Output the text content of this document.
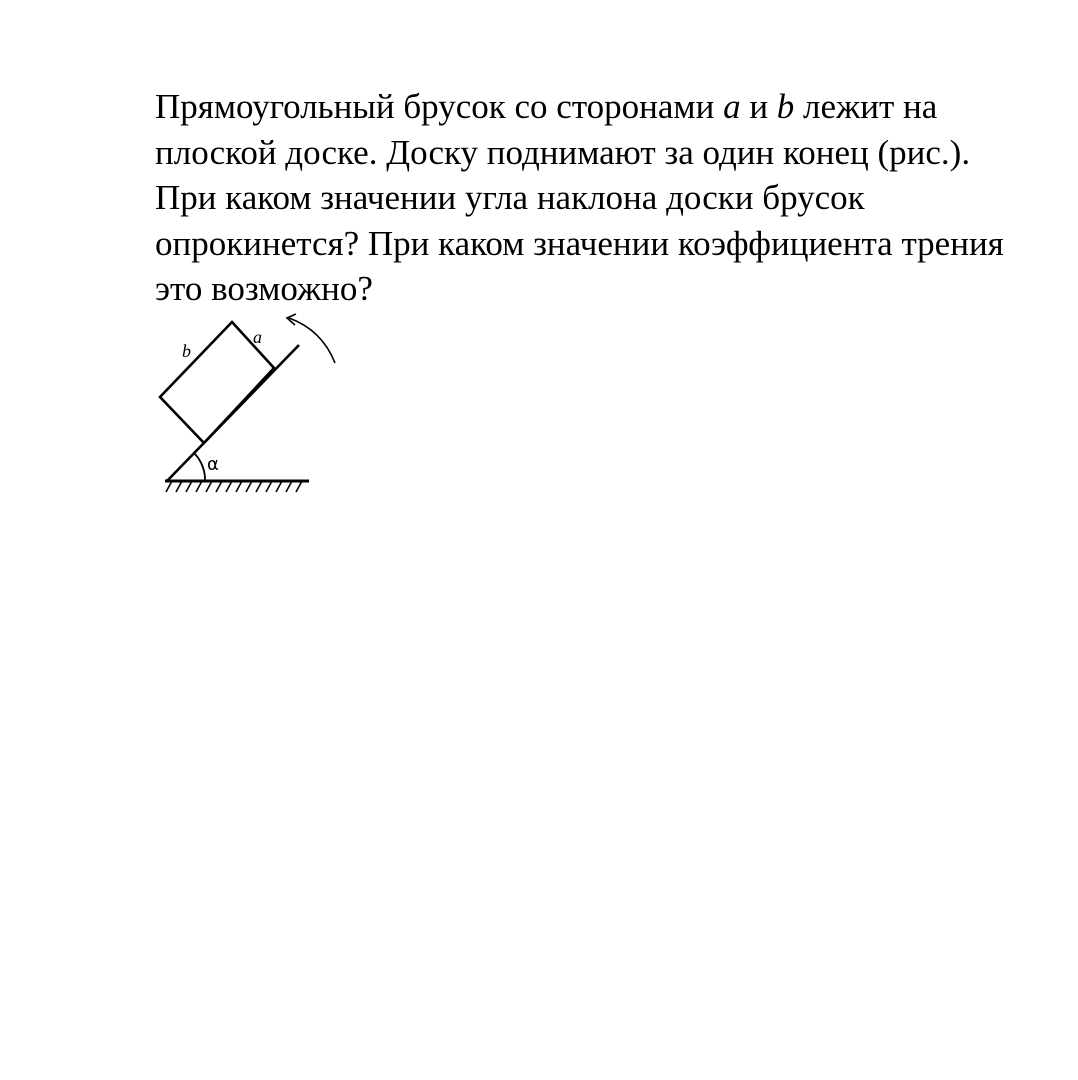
Прямоугольный брусок со сторонами a и b лежит на плоской доске. Доску поднимают за один конец (рис.). При каком значении угла наклона доски брусок опрокинется? При каком значении коэффициента трения это возможно?

b
a
α
